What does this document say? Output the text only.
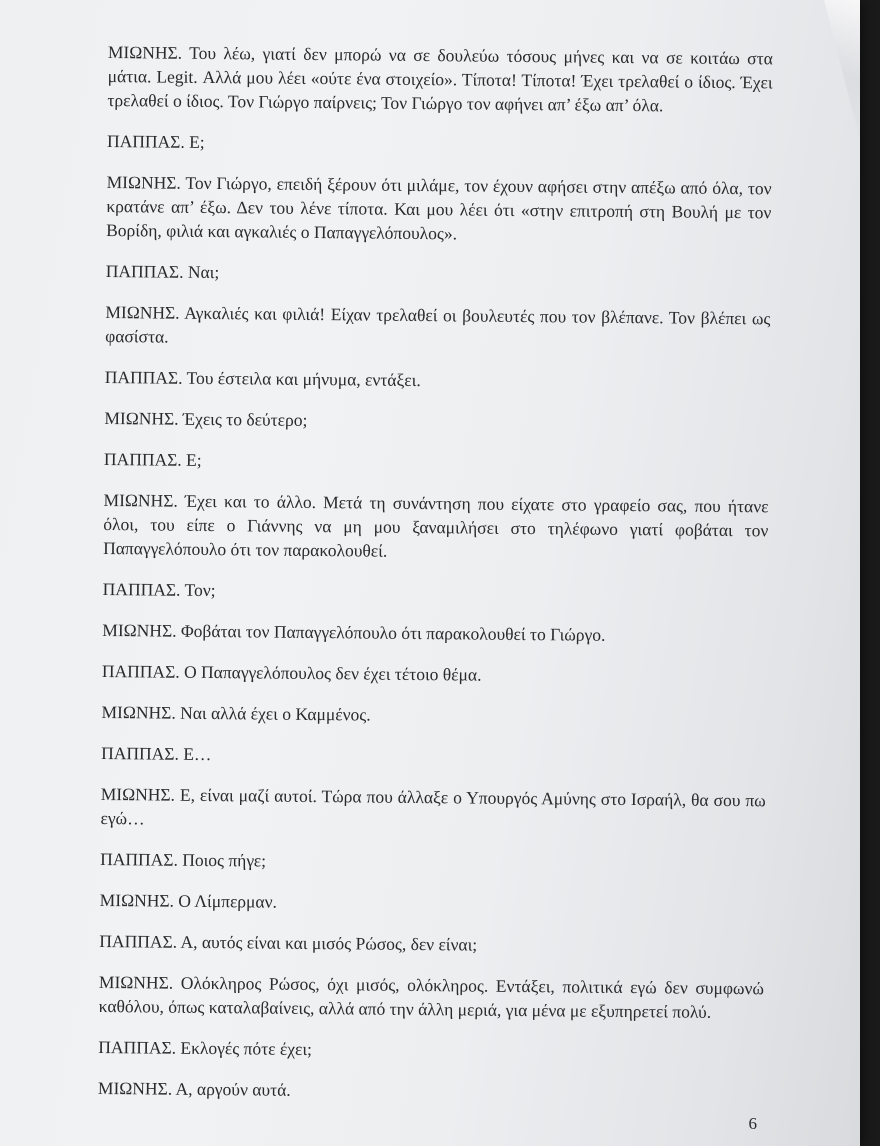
ΜΙΩΝΗΣ. Του λέω, γιατί δεν μπορώ να σε δουλεύω τόσους μήνες και να σε κοιτάω στα μάτια. Legit. Αλλά μου λέει «ούτε ένα στοιχείο». Τίποτα! Τίποτα! Έχει τρελαθεί ο ίδιος. Έχει τρελαθεί ο ίδιος. Τον Γιώργο παίρνεις; Τον Γιώργο τον αφήνει απ’ έξω απ’ όλα.

ΠΑΠΠΑΣ. Ε;

ΜΙΩΝΗΣ. Τον Γιώργο, επειδή ξέρουν ότι μιλάμε, τον έχουν αφήσει στην απέξω από όλα, τον κρατάνε απ’ έξω. Δεν του λένε τίποτα. Και μου λέει ότι «στην επιτροπή στη Βουλή με τον Βορίδη, φιλιά και αγκαλιές ο Παπαγγελόπουλος».

ΠΑΠΠΑΣ. Ναι;

ΜΙΩΝΗΣ. Αγκαλιές και φιλιά! Είχαν τρελαθεί οι βουλευτές που τον βλέπανε. Τον βλέπει ως φασίστα.

ΠΑΠΠΑΣ. Του έστειλα και μήνυμα, εντάξει.

ΜΙΩΝΗΣ. Έχεις το δεύτερο;

ΠΑΠΠΑΣ. Ε;

ΜΙΩΝΗΣ. Έχει και το άλλο. Μετά τη συνάντηση που είχατε στο γραφείο σας, που ήτανε όλοι, του είπε ο Γιάννης να μη μου ξαναμιλήσει στο τηλέφωνο γιατί φοβάται τον Παπαγγελόπουλο ότι τον παρακολουθεί.

ΠΑΠΠΑΣ. Τον;

ΜΙΩΝΗΣ. Φοβάται τον Παπαγγελόπουλο ότι παρακολουθεί το Γιώργο.

ΠΑΠΠΑΣ. Ο Παπαγγελόπουλος δεν έχει τέτοιο θέμα.

ΜΙΩΝΗΣ. Ναι αλλά έχει ο Καμμένος.

ΠΑΠΠΑΣ. Ε…

ΜΙΩΝΗΣ. Ε, είναι μαζί αυτοί. Τώρα που άλλαξε ο Υπουργός Αμύνης στο Ισραήλ, θα σου πω εγώ…

ΠΑΠΠΑΣ. Ποιος πήγε;

ΜΙΩΝΗΣ. Ο Λίμπερμαν.

ΠΑΠΠΑΣ. Α, αυτός είναι και μισός Ρώσος, δεν είναι;

ΜΙΩΝΗΣ. Ολόκληρος Ρώσος, όχι μισός, ολόκληρος. Εντάξει, πολιτικά εγώ δεν συμφωνώ καθόλου, όπως καταλαβαίνεις, αλλά από την άλλη μεριά, για μένα με εξυπηρετεί πολύ.

ΠΑΠΠΑΣ. Εκλογές πότε έχει;

ΜΙΩΝΗΣ. Α, αργούν αυτά.

6
